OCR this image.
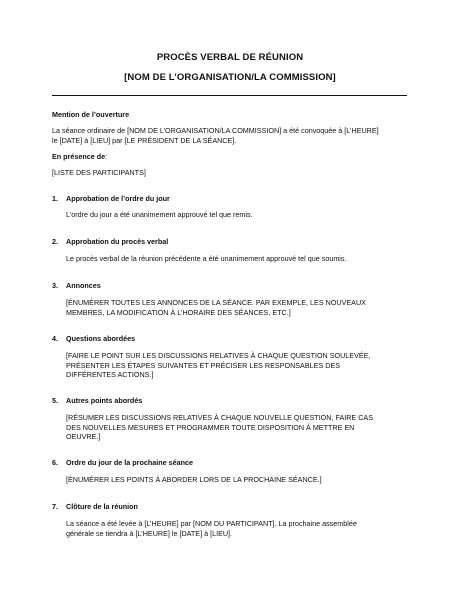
PROCÈS VERBAL DE RÉUNION
[NOM DE L’ORGANISATION/LA COMMISSION]
Mention de l’ouverture
La séance ordinaire de [NOM DE L’ORGANISATION/LA COMMISSION] a été convoquée à [L’HEURE]
le [DATE] à [LIEU] par [LE PRÉSIDENT DE LA SÉANCE].
En présence de:
[LISTE DES PARTICIPANTS]
1. Approbation de l’ordre du jour
L’ordre du jour a été unanimement approuvé tel que remis.
2. Approbation du procès verbal
Le procès verbal de la réunion précédente a été unanimement approuvé tel que soumis.
3. Annonces
[ÉNUMÉRER TOUTES LES ANNONCES DE LA SÉANCE. PAR EXEMPLE, LES NOUVEAUX
MEMBRES, LA MODIFICATION À L’HORAIRE DES SÉANCES, ETC.]
4. Questions abordées
[FAIRE LE POINT SUR LES DISCUSSIONS RELATIVES À CHAQUE QUESTION SOULEVÉE,
PRÉSENTER LES ÉTAPES SUIVANTES ET PRÉCISER LES RESPONSABLES DES
DIFFÉRENTES ACTIONS.]
5. Autres points abordés
[RÉSUMER LES DISCUSSIONS RELATIVES À CHAQUE NOUVELLE QUESTION, FAIRE CAS
DES NOUVELLES MESURES ET PROGRAMMER TOUTE DISPOSITION À METTRE EN
OEUVRE.]
6. Ordre du jour de la prochaine séance
[ÉNUMÉRER LES POINTS À ABORDER LORS DE LA PROCHAINE SÉANCE.]
7. Clôture de la réunion
La séance a été levée à [L’HEURE] par [NOM DU PARTICIPANT]. La prochaine assemblée
générale se tiendra à [L’HEURE] le [DATE] à [LIEU].
